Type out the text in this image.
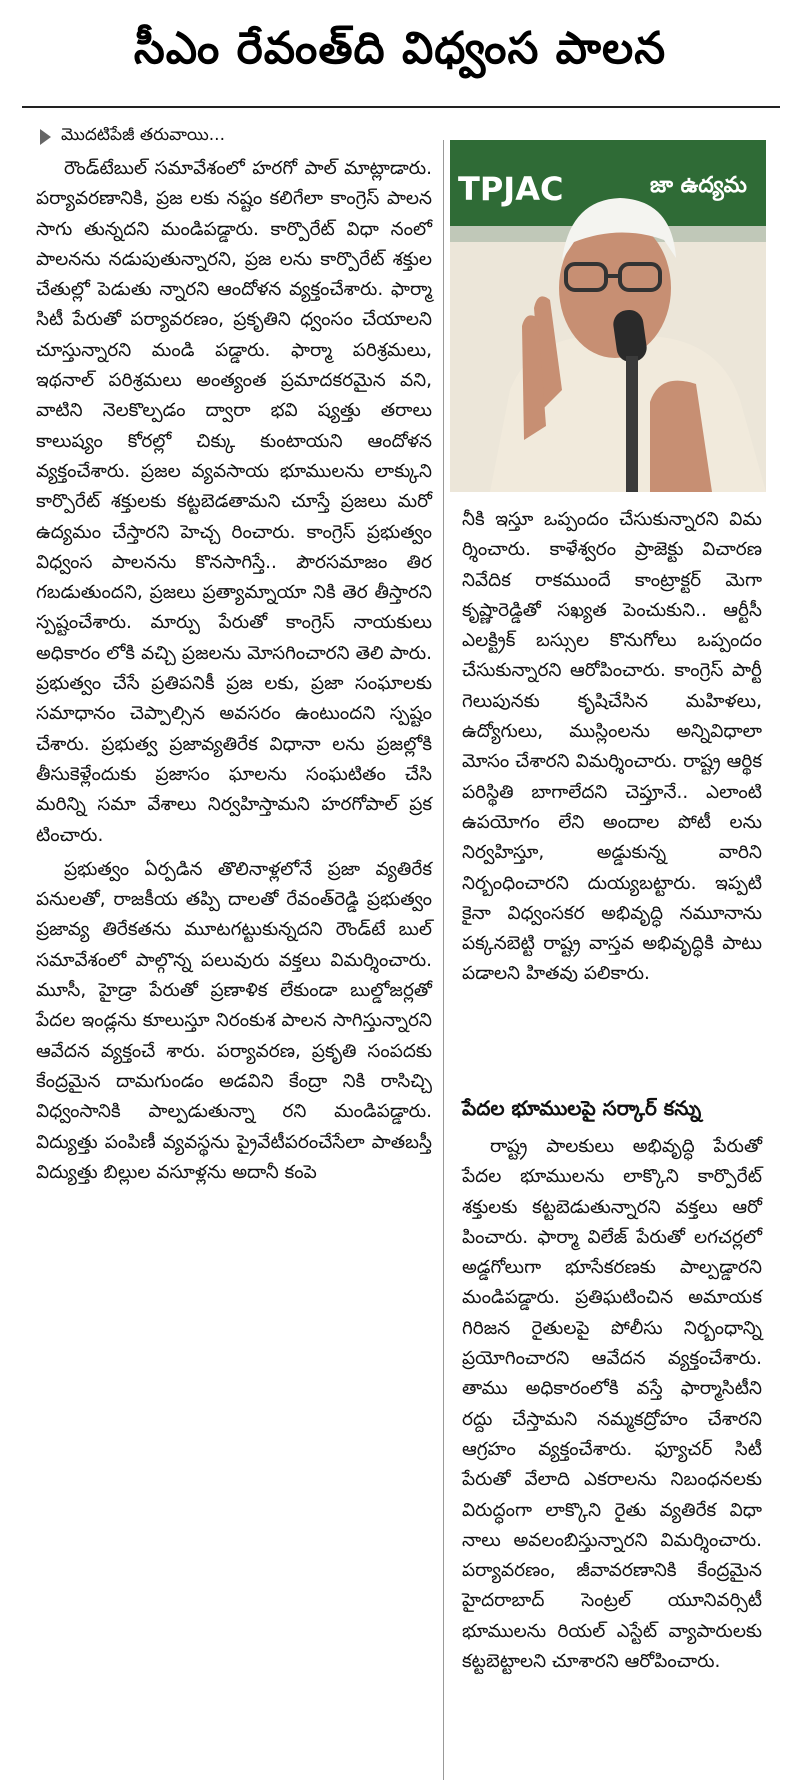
సీఎం రేవంత్‌ది విధ్వంస పాలన
మొదటిపేజీ తరువాయి...

రౌండ్‌టేబుల్ సమావేశంలో హరగో పాల్ మాట్లాడారు. పర్యావరణానికి, ప్రజ లకు నష్టం కలిగేలా కాంగ్రెస్ పాలన సాగు తున్నదని మండిపడ్డారు. కార్పొరేట్ విధా నంలో పాలనను నడుపుతున్నారని, ప్రజ లను కార్పొరేట్ శక్తుల చేతుల్లో పెడుతు న్నారని ఆందోళన వ్యక్తంచేశారు. ఫార్మా సిటీ పేరుతో పర్యావరణం, ప్రకృతిని ధ్వంసం చేయాలని చూస్తున్నారని మండి పడ్డారు. ఫార్మా పరిశ్రమలు, ఇథనాల్ పరిశ్రమలు అంత్యంత ప్రమాదకరమైన వని, వాటిని నెలకొల్పడం ద్వారా భవి ష్యత్తు తరాలు కాలుష్యం కోరల్లో చిక్కు కుంటాయని ఆందోళన వ్యక్తంచేశారు. ప్రజల వ్యవసాయ భూములను లాక్కుని కార్పొరేట్ శక్తులకు కట్టబెడతామని చూస్తే ప్రజలు మరో ఉద్యమం చేస్తారని హెచ్చ రించారు. కాంగ్రెస్ ప్రభుత్వం విధ్వంస పాలనను కొనసాగిస్తే.. పౌరసమాజం తిర గబడుతుందని, ప్రజలు ప్రత్యామ్నాయా నికి తెర తీస్తారని స్పష్టంచేశారు. మార్పు పేరుతో కాంగ్రెస్ నాయకులు అధికారం లోకి వచ్చి ప్రజలను మోసగించారని తెలి పారు. ప్రభుత్వం చేసే ప్రతిపనికీ ప్రజ లకు, ప్రజా సంఘాలకు సమాధానం చెప్పాల్సిన అవసరం ఉంటుందని స్పష్టం చేశారు. ప్రభుత్వ ప్రజావ్యతిరేక విధానా లను ప్రజల్లోకి తీసుకెళ్లేందుకు ప్రజాసం ఘాలను సంఘటితం చేసి మరిన్ని సమా వేశాలు నిర్వహిస్తామని హరగోపాల్ ప్రక టించారు.

ప్రభుత్వం ఏర్పడిన తొలినాళ్లలోనే ప్రజా వ్యతిరేక పనులతో, రాజకీయ తప్పి దాలతో రేవంత్‌రెడ్డి ప్రభుత్వం ప్రజావ్య తిరేకతను మూటగట్టుకున్నదని రౌండ్‌టే బుల్ సమావేశంలో పాల్గొన్న పలువురు వక్తలు విమర్శించారు. మూసీ, హైడ్రా పేరుతో ప్రణాళిక లేకుండా బుల్డోజర్లతో పేదల ఇండ్లను కూలుస్తూ నిరంకుశ పాలన సాగిస్తున్నారని ఆవేదన వ్యక్తంచే శారు. పర్యావరణ, ప్రకృతి సంపదకు కేంద్రమైన దామగుండం అడవిని కేంద్రా నికి రాసిచ్చి విధ్వంసానికి పాల్పడుతున్నా రని మండిపడ్డారు. విద్యుత్తు పంపిణీ వ్యవస్థను ప్రైవేటీపరంచేసేలా పాతబస్తీ విద్యుత్తు బిల్లుల వసూళ్లను అదానీ కంపె

TPJAC	జా ఉద్యమ

నీకి ఇస్తూ ఒప్పందం చేసుకున్నారని విమ ర్శించారు. కాళేశ్వరం ప్రాజెక్టు విచారణ నివేదిక రాకముందే కాంట్రాక్టర్ మెగా కృష్ణారెడ్డితో సఖ్యత పెంచుకుని.. ఆర్టీసీ ఎలక్ట్రిక్ బస్సుల కొనుగోలు ఒప్పందం చేసుకున్నారని ఆరోపించారు. కాంగ్రెస్ పార్టీ గెలుపునకు కృషిచేసిన మహిళలు, ఉద్యోగులు, ముస్లింలను అన్నివిధాలా మోసం చేశారని విమర్శించారు. రాష్ట్ర ఆర్థిక పరిస్థితి బాగాలేదని చెప్తూనే.. ఎలాంటి ఉపయోగం లేని అందాల పోటీ లను నిర్వహిస్తూ, అడ్డుకున్న వారిని నిర్బంధించారని దుయ్యబట్టారు. ఇప్పటి కైనా విధ్వంసకర అభివృద్ధి నమూనాను పక్కనబెట్టి రాష్ట్ర వాస్తవ అభివృద్ధికి పాటు పడాలని హితవు పలికారు.

పేదల భూములపై సర్కార్ కన్ను

రాష్ట్ర పాలకులు అభివృద్ధి పేరుతో పేదల భూములను లాక్కొని కార్పొరేట్ శక్తులకు కట్టబెడుతున్నారని వక్తలు ఆరో పించారు. ఫార్మా విలేజ్ పేరుతో లగచర్లలో అడ్డగోలుగా భూసేకరణకు పాల్పడ్డారని మండిపడ్డారు. ప్రతిఘటించిన అమాయక గిరిజన రైతులపై పోలీసు నిర్బంధాన్ని ప్రయోగించారని ఆవేదన వ్యక్తంచేశారు. తాము అధికారంలోకి వస్తే ఫార్మాసిటీని రద్దు చేస్తామని నమ్మకద్రోహం చేశారని ఆగ్రహం వ్యక్తంచేశారు. ఫ్యూచర్ సిటీ పేరుతో వేలాది ఎకరాలను నిబంధనలకు విరుద్ధంగా లాక్కొని రైతు వ్యతిరేక విధా నాలు అవలంబిస్తున్నారని విమర్శించారు. పర్యావరణం, జీవావరణానికి కేంద్రమైన హైదరాబాద్ సెంట్రల్ యూనివర్సిటీ భూములను రియల్ ఎస్టేట్ వ్యాపారులకు కట్టబెట్టాలని చూశారని ఆరోపించారు.
